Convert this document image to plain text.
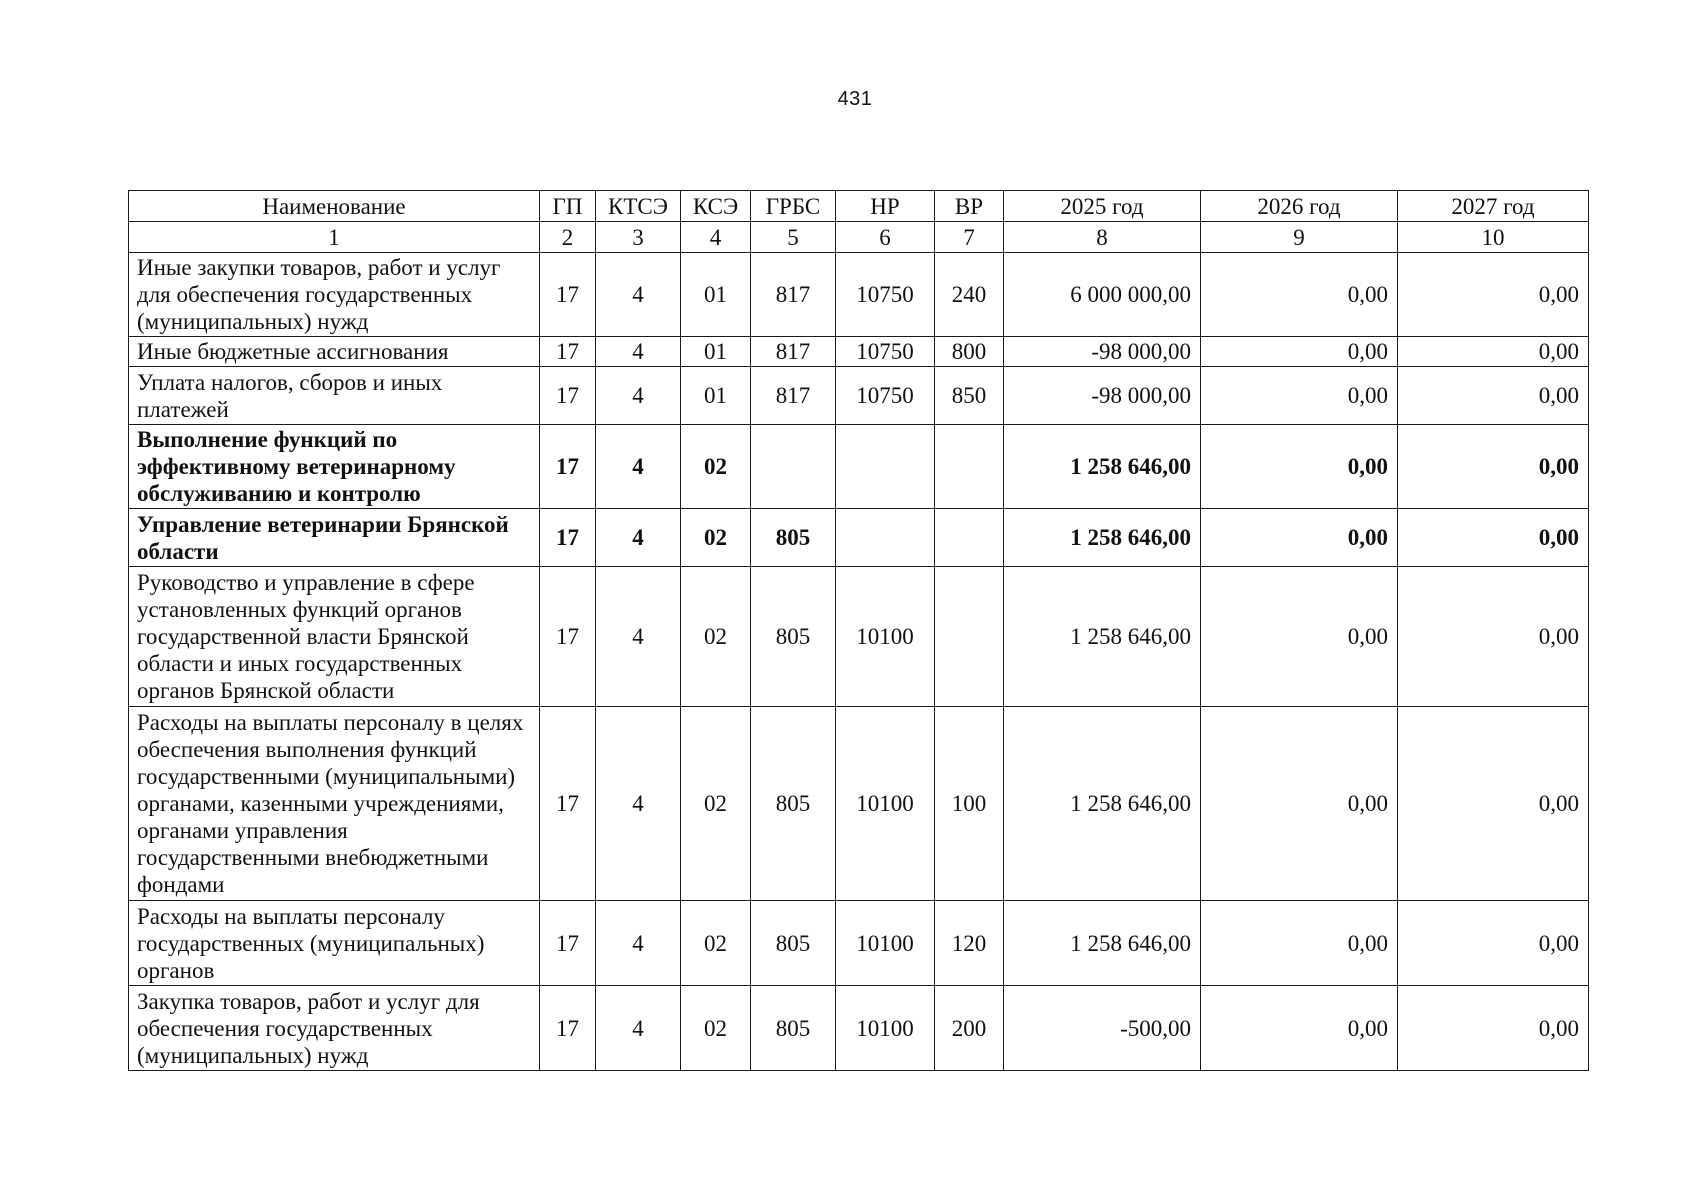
431
Наименование	ГП	КТСЭ	КСЭ	ГРБС	НР	ВР	2025 год	2026 год	2027 год
1	2	3	4	5	6	7	8	9	10
Иные закупки товаров, работ и услуг для обеспечения государственных (муниципальных) нужд	17	4	01	817	10750	240	6 000 000,00	0,00	0,00
Иные бюджетные ассигнования	17	4	01	817	10750	800	-98 000,00	0,00	0,00
Уплата налогов, сборов и иных платежей	17	4	01	817	10750	850	-98 000,00	0,00	0,00
Выполнение функций по эффективному ветеринарному обслуживанию и контролю	17	4	02				1 258 646,00	0,00	0,00
Управление ветеринарии Брянской области	17	4	02	805			1 258 646,00	0,00	0,00
Руководство и управление в сфере установленных функций органов государственной власти Брянской области и иных государственных органов Брянской области	17	4	02	805	10100		1 258 646,00	0,00	0,00
Расходы на выплаты персоналу в целях обеспечения выполнения функций государственными (муниципальными) органами, казенными учреждениями, органами управления государственными внебюджетными фондами	17	4	02	805	10100	100	1 258 646,00	0,00	0,00
Расходы на выплаты персоналу государственных (муниципальных) органов	17	4	02	805	10100	120	1 258 646,00	0,00	0,00
Закупка товаров, работ и услуг для обеспечения государственных (муниципальных) нужд	17	4	02	805	10100	200	-500,00	0,00	0,00
